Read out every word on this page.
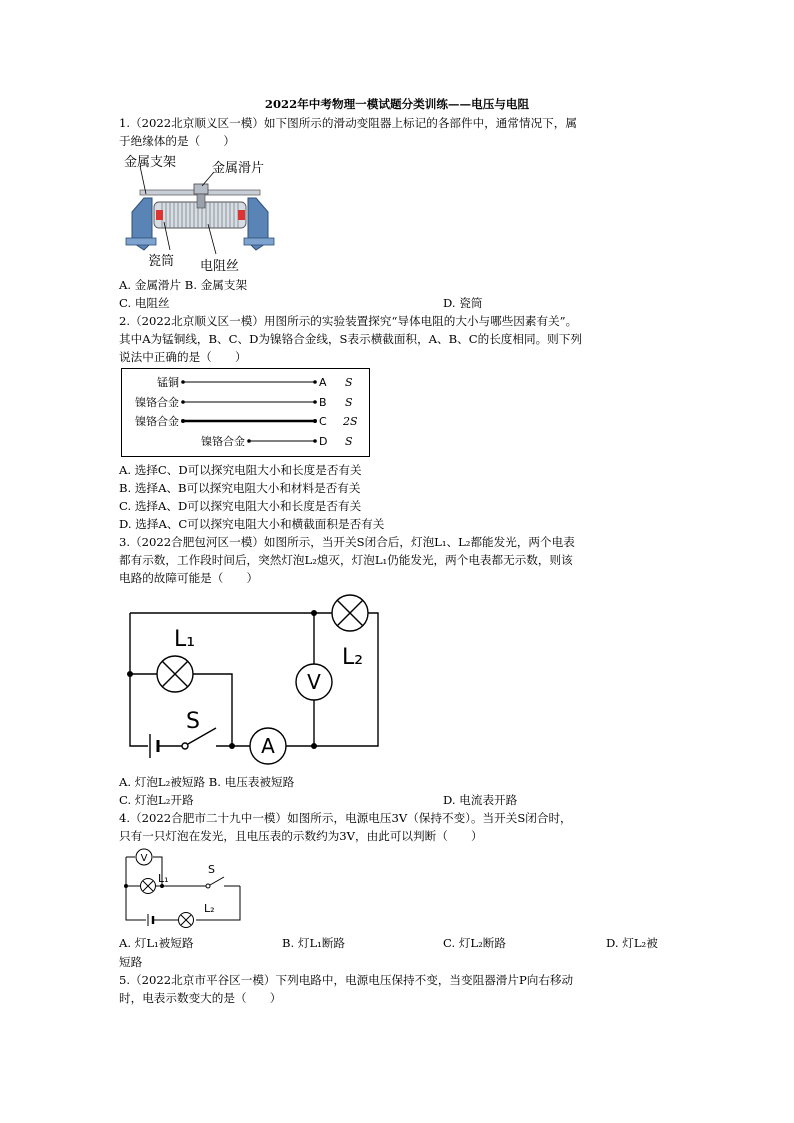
2022年中考物理一模试题分类训练——电压与电阻
1.（2022北京顺义区一模）如下图所示的滑动变阻器上标记的各部件中，通常情况下，属
于绝缘体的是（　　）
金属支架	金属滑片
瓷筒 电阻丝
A. 金属滑片 B. 金属支架
C. 电阻丝	D. 瓷筒
2.（2022北京顺义区一模）用图所示的实验装置探究“导体电阻的大小与哪些因素有关”。
其中A为锰铜线，B、C、D为镍铬合金线，S表示横截面积，A、B、C的长度相同。则下列
说法中正确的是（　　）
锰铜	A S
镍铬合金	B S
镍铬合金	C 2S
镍铬合金	D S
A. 选择C、D可以探究电阻大小和长度是否有关
B. 选择A、B可以探究电阻大小和材料是否有关
C. 选择A、D可以探究电阻大小和长度是否有关
D. 选择A、C可以探究电阻大小和横截面积是否有关
3.（2022合肥包河区一模）如图所示，当开关S闭合后，灯泡L₁、L₂都能发光，两个电表
都有示数，工作段时间后，突然灯泡L₂熄灭，灯泡L₁仍能发光，两个电表都无示数，则该
电路的故障可能是（　　）
V
A
L₁
L₂
S
A. 灯泡L₂被短路 B. 电压表被短路
C. 灯泡L₂开路	D. 电流表开路
4.（2022合肥市二十九中一模）如图所示，电源电压3V（保持不变）。当开关S闭合时，
只有一只灯泡在发光，且电压表的示数约为3V，由此可以判断（　　）
V
L₁
S
L₂
A. 灯L₁被短路	B. 灯L₁断路	C. 灯L₂断路	D. 灯L₂被
短路
5.（2022北京市平谷区一模）下列电路中，电源电压保持不变，当变阻器滑片P向右移动
时，电表示数变大的是（　　）
